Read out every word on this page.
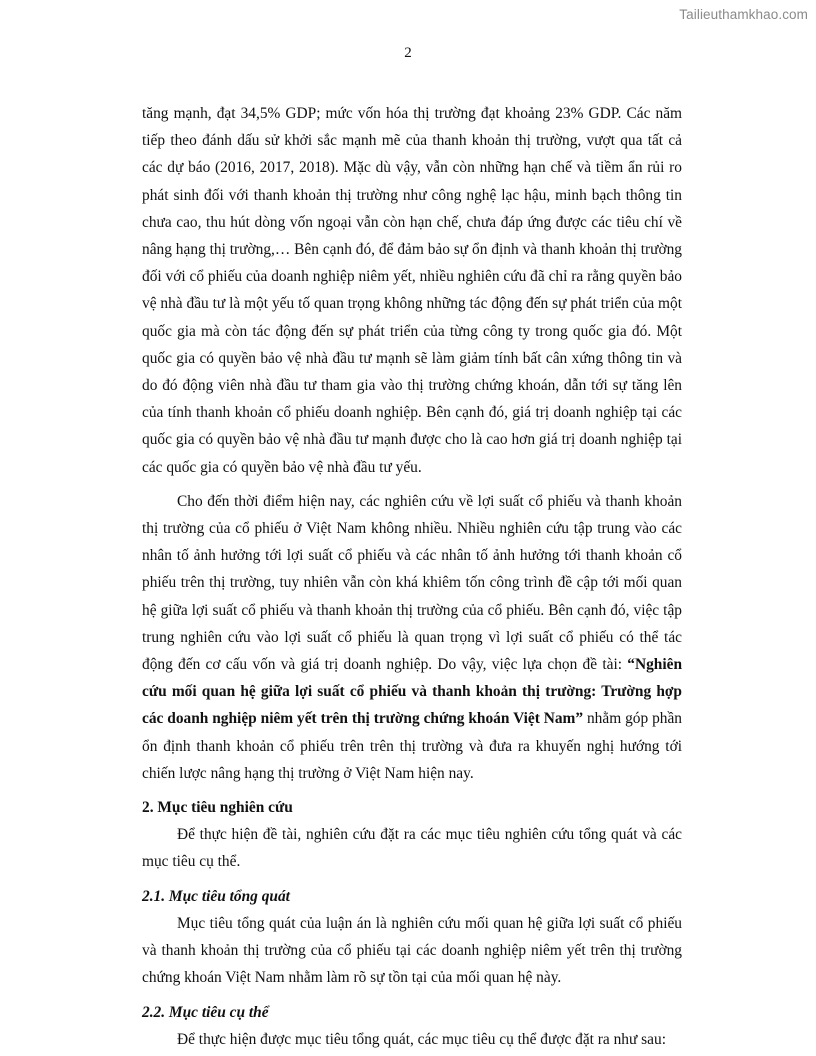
Tailieuthamkhao.com
2

tăng mạnh, đạt 34,5% GDP; mức vốn hóa thị trường đạt khoảng 23% GDP. Các năm tiếp theo đánh dấu sử khởi sắc mạnh mẽ của thanh khoản thị trường, vượt qua tất cả các dự báo (2016, 2017, 2018). Mặc dù vậy, vẫn còn những hạn chế và tiềm ẩn rủi ro phát sinh đối với thanh khoản thị trường như công nghệ lạc hậu, minh bạch thông tin chưa cao, thu hút dòng vốn ngoại vẫn còn hạn chế, chưa đáp ứng được các tiêu chí về nâng hạng thị trường,… Bên cạnh đó, để đảm bảo sự ổn định và thanh khoản thị trường đối với cổ phiếu của doanh nghiệp niêm yết, nhiều nghiên cứu đã chỉ ra rằng quyền bảo vệ nhà đầu tư là một yếu tố quan trọng không những tác động đến sự phát triển của một quốc gia mà còn tác động đến sự phát triển của từng công ty trong quốc gia đó. Một quốc gia có quyền bảo vệ nhà đầu tư mạnh sẽ làm giảm tính bất cân xứng thông tin và do đó động viên nhà đầu tư tham gia vào thị trường chứng khoán, dẫn tới sự tăng lên của tính thanh khoản cổ phiếu doanh nghiệp. Bên cạnh đó, giá trị doanh nghiệp tại các quốc gia có quyền bảo vệ nhà đầu tư mạnh được cho là cao hơn giá trị doanh nghiệp tại các quốc gia có quyền bảo vệ nhà đầu tư yếu.

Cho đến thời điểm hiện nay, các nghiên cứu về lợi suất cổ phiếu và thanh khoản thị trường của cổ phiếu ở Việt Nam không nhiều. Nhiều nghiên cứu tập trung vào các nhân tố ảnh hưởng tới lợi suất cổ phiếu và các nhân tố ảnh hưởng tới thanh khoản cổ phiếu trên thị trường, tuy nhiên vẫn còn khá khiêm tốn công trình đề cập tới mối quan hệ giữa lợi suất cổ phiếu và thanh khoản thị trường của cổ phiếu. Bên cạnh đó, việc tập trung nghiên cứu vào lợi suất cổ phiếu là quan trọng vì lợi suất cổ phiếu có thể tác động đến cơ cấu vốn và giá trị doanh nghiệp. Do vậy, việc lựa chọn đề tài: “Nghiên cứu mối quan hệ giữa lợi suất cổ phiếu và thanh khoản thị trường: Trường hợp các doanh nghiệp niêm yết trên thị trường chứng khoán Việt Nam” nhằm góp phần ổn định thanh khoản cổ phiếu trên trên thị trường và đưa ra khuyến nghị hướng tới chiến lược nâng hạng thị trường ở Việt Nam hiện nay.

2. Mục tiêu nghiên cứu

Để thực hiện đề tài, nghiên cứu đặt ra các mục tiêu nghiên cứu tổng quát và các mục tiêu cụ thể.

2.1. Mục tiêu tổng quát

Mục tiêu tổng quát của luận án là nghiên cứu mối quan hệ giữa lợi suất cổ phiếu và thanh khoản thị trường của cổ phiếu tại các doanh nghiệp niêm yết trên thị trường chứng khoán Việt Nam nhằm làm rõ sự tồn tại của mối quan hệ này.

2.2. Mục tiêu cụ thể

Để thực hiện được mục tiêu tổng quát, các mục tiêu cụ thể được đặt ra như sau:
